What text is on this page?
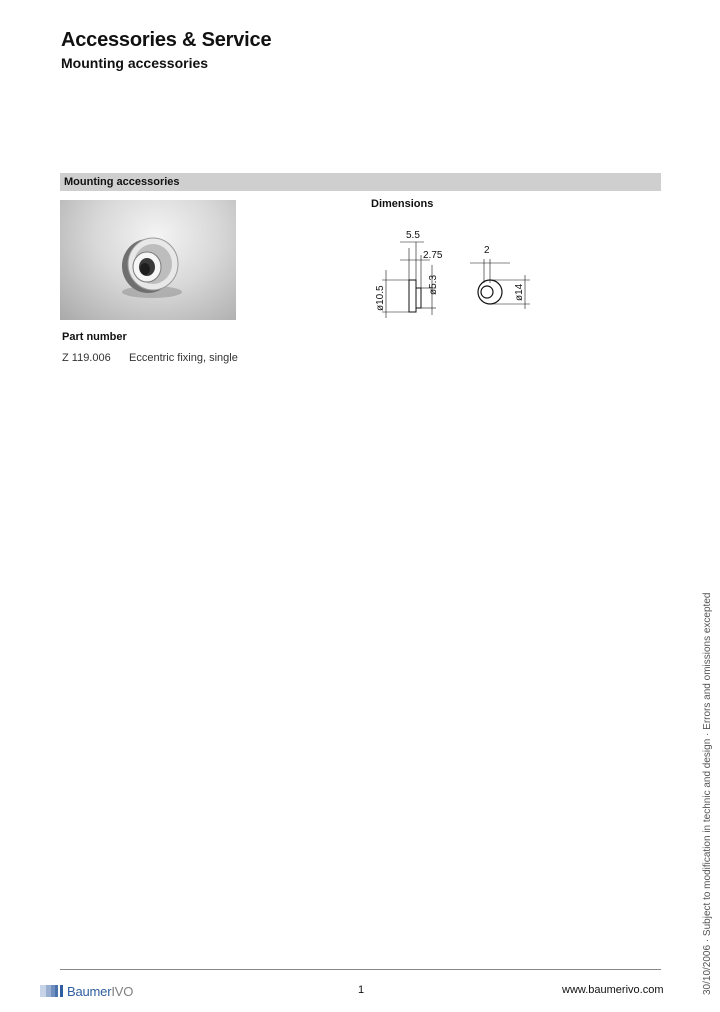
Accessories & Service
Mounting accessories
Mounting accessories
Part number
Z 119.006 Eccentric fixing, single
Dimensions
5.5
2.75
ø10.5
ø5.3
2
ø14
30/10/2006 · Subject to modification in technic and design · Errors and omissions excepted
BaumerIVO	1	www.baumerivo.com
